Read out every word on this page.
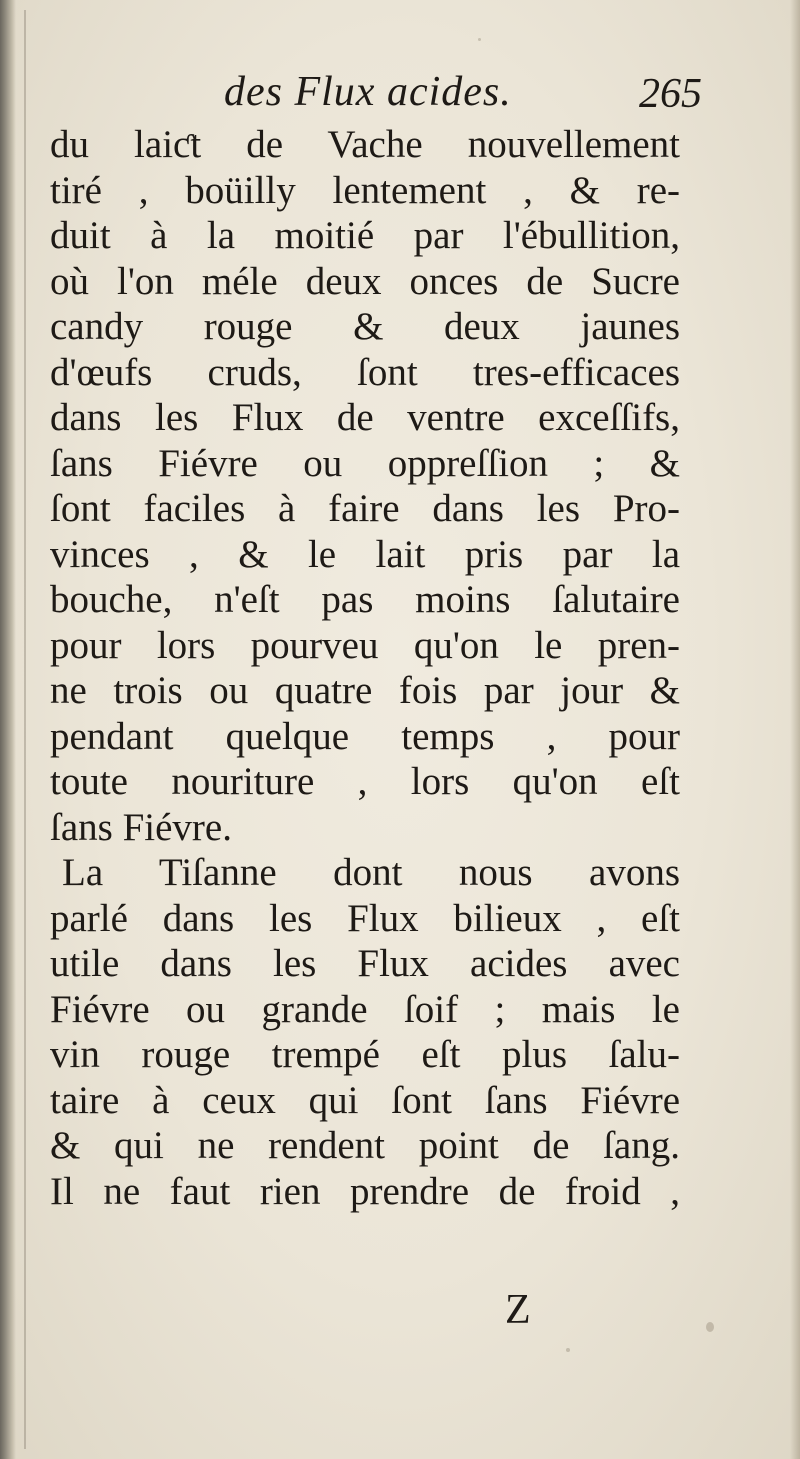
des Flux acides.	265
du laiƈt de Vache nouvellement
tiré , boüilly lentement , & re-
duit à la moitié par l'ébullition,
où l'on méle deux onces de Sucre
candy rouge & deux jaunes
d'œufs cruds, ſont tres-efficaces
dans les Flux de ventre exceſſifs,
ſans Fiévre ou oppreſſion ; &
ſont faciles à faire dans les Pro-
vinces , & le lait pris par la
bouche, n'eſt pas moins ſalutaire
pour lors pourveu qu'on le pren-
ne trois ou quatre fois par jour &
pendant quelque temps , pour
toute nouriture , lors qu'on eſt
ſans Fiévre.
La Tiſanne dont nous avons
parlé dans les Flux bilieux , eſt
utile dans les Flux acides avec
Fiévre ou grande ſoif ; mais le
vin rouge trempé eſt plus ſalu-
taire à ceux qui ſont ſans Fiévre
& qui ne rendent point de ſang.
Il ne faut rien prendre de froid ,
Z
